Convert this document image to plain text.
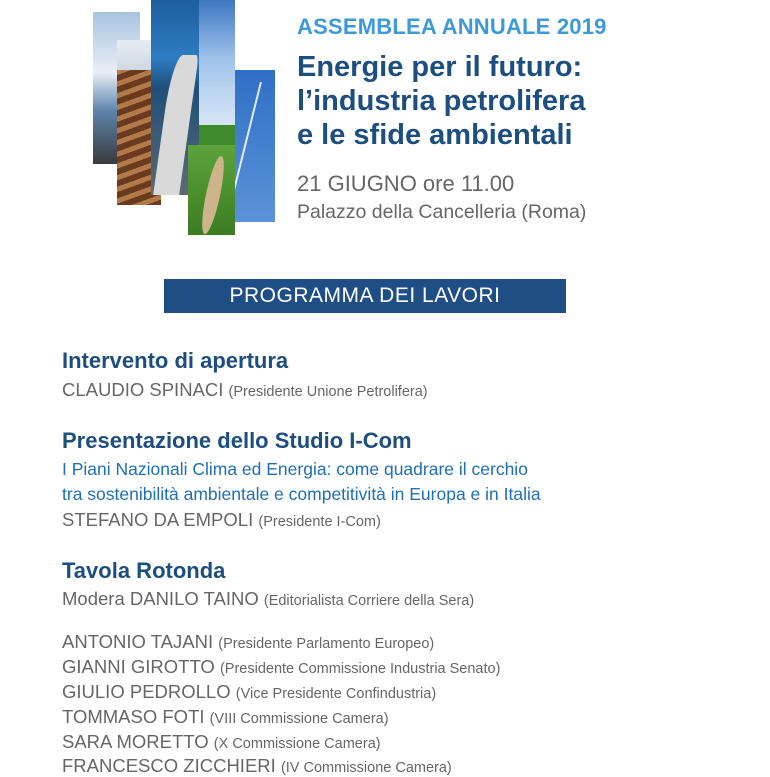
ASSEMBLEA ANNUALE 2019
Energie per il futuro:
l’industria petrolifera
e le sfide ambientali
21 GIUGNO ore 11.00
Palazzo della Cancelleria (Roma)
PROGRAMMA DEI LAVORI
Intervento di apertura
CLAUDIO SPINACI (Presidente Unione Petrolifera)
Presentazione dello Studio I-Com
I Piani Nazionali Clima ed Energia: come quadrare il cerchio
tra sostenibilità ambientale e competitività in Europa e in Italia
STEFANO DA EMPOLI (Presidente I-Com)
Tavola Rotonda
Modera DANILO TAINO (Editorialista Corriere della Sera)
ANTONIO TAJANI (Presidente Parlamento Europeo)
GIANNI GIROTTO (Presidente Commissione Industria Senato)
GIULIO PEDROLLO (Vice Presidente Confindustria)
TOMMASO FOTI (VIII Commissione Camera)
SARA MORETTO (X Commissione Camera)
FRANCESCO ZICCHIERI (IV Commissione Camera)
